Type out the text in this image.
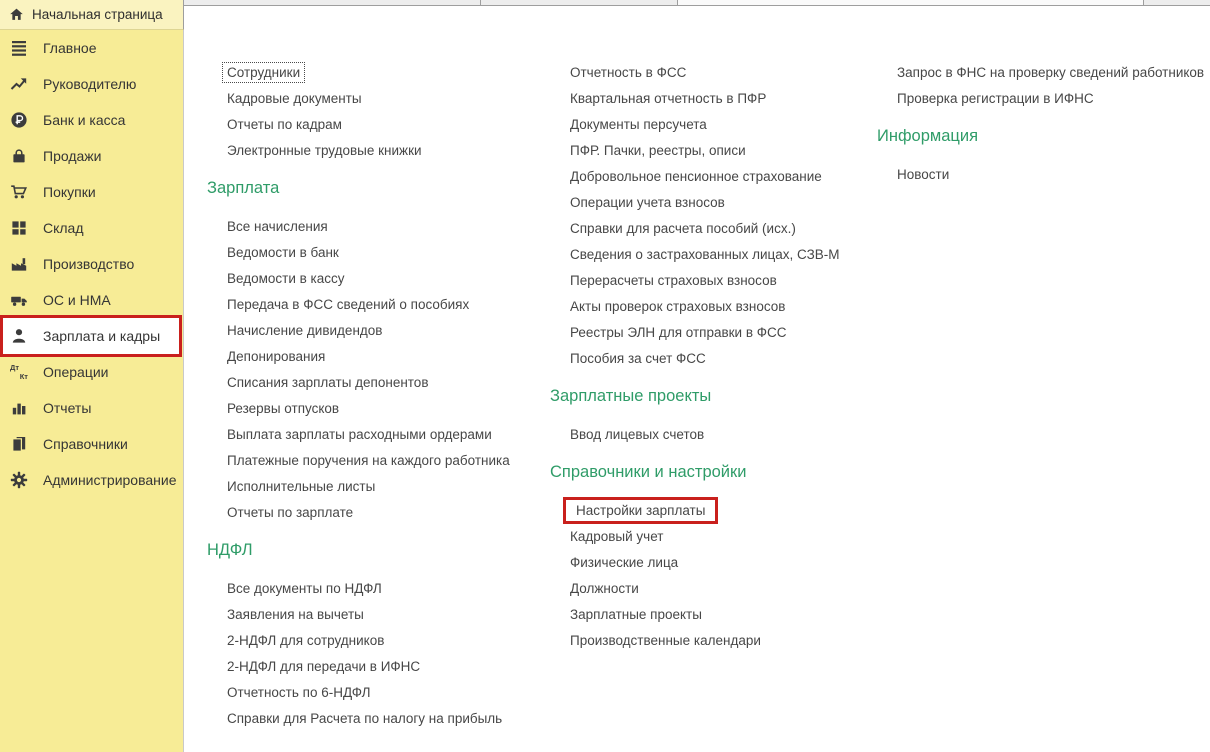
Начальная страница
Главное
Руководителю
Банк и касса
Продажи
Покупки
Склад
Производство
ОС и НМА
Зарплата и кадры
Дт
Кт Операции
Отчеты
Справочники
Администрирование
Сотрудники
Кадровые документы
Отчеты по кадрам
Электронные трудовые книжки
Зарплата
Все начисления
Ведомости в банк
Ведомости в кассу
Передача в ФСС сведений о пособиях
Начисление дивидендов
Депонирования
Списания зарплаты депонентов
Резервы отпусков
Выплата зарплаты расходными ордерами
Платежные поручения на каждого работника
Исполнительные листы
Отчеты по зарплате
НДФЛ
Все документы по НДФЛ
Заявления на вычеты
2-НДФЛ для сотрудников
2-НДФЛ для передачи в ИФНС
Отчетность по 6-НДФЛ
Справки для Расчета по налогу на прибыль
Отчетность в ФСС
Квартальная отчетность в ПФР
Документы персучета
ПФР. Пачки, реестры, описи
Добровольное пенсионное страхование
Операции учета взносов
Справки для расчета пособий (исх.)
Сведения о застрахованных лицах, СЗВ-М
Перерасчеты страховых взносов
Акты проверок страховых взносов
Реестры ЭЛН для отправки в ФСС
Пособия за счет ФСС
Зарплатные проекты
Ввод лицевых счетов
Справочники и настройки
Настройки зарплаты
Кадровый учет
Физические лица
Должности
Зарплатные проекты
Производственные календари
Запрос в ФНС на проверку сведений работников
Проверка регистрации в ИФНС
Информация
Новости
